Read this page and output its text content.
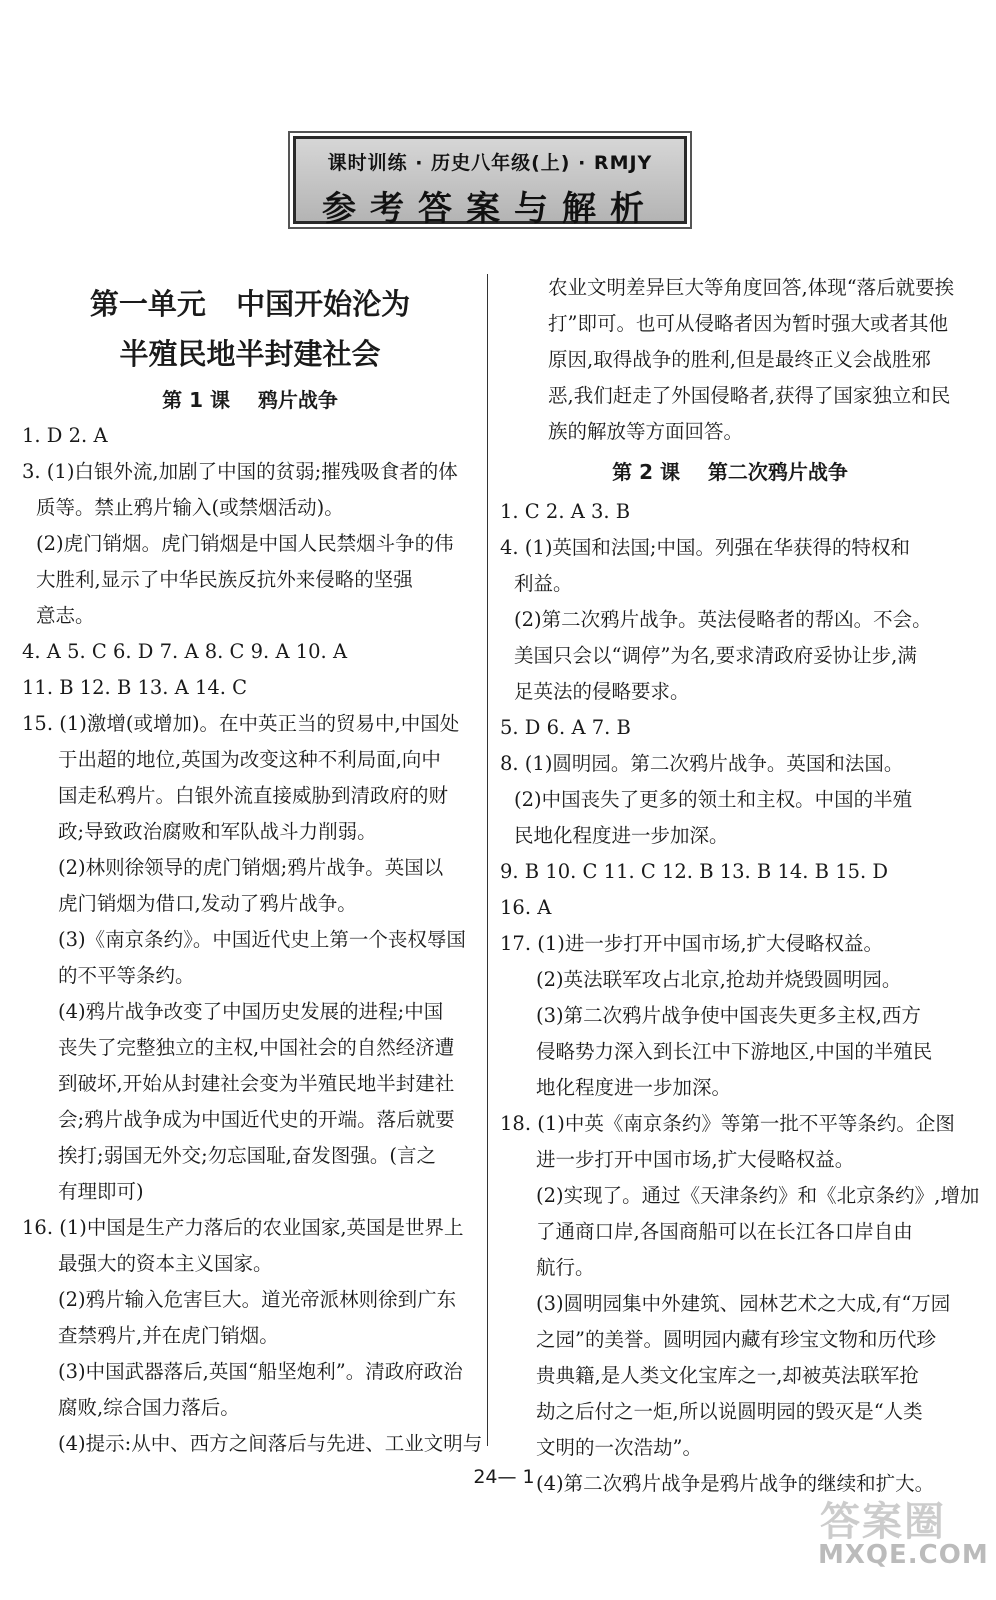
课时训练 · 历史八年级(上) · RMJY
参考答案与解析
第一单元   中国开始沦为
半殖民地半封建社会
第 1 课    鸦片战争
1. D 2. A
3. (1)白银外流,加剧了中国的贫弱;摧残吸食者的体
质等。禁止鸦片输入(或禁烟活动)。
(2)虎门销烟。虎门销烟是中国人民禁烟斗争的伟
大胜利,显示了中华民族反抗外来侵略的坚强
意志。
4. A 5. C 6. D 7. A 8. C 9. A 10. A
11. B 12. B 13. A 14. C
15. (1)激增(或增加)。在中英正当的贸易中,中国处
于出超的地位,英国为改变这种不利局面,向中
国走私鸦片。白银外流直接威胁到清政府的财
政;导致政治腐败和军队战斗力削弱。
(2)林则徐领导的虎门销烟;鸦片战争。英国以
虎门销烟为借口,发动了鸦片战争。
(3)《南京条约》。中国近代史上第一个丧权辱国
的不平等条约。
(4)鸦片战争改变了中国历史发展的进程;中国
丧失了完整独立的主权,中国社会的自然经济遭
到破坏,开始从封建社会变为半殖民地半封建社
会;鸦片战争成为中国近代史的开端。落后就要
挨打;弱国无外交;勿忘国耻,奋发图强。(言之
有理即可)
16. (1)中国是生产力落后的农业国家,英国是世界上
最强大的资本主义国家。
(2)鸦片输入危害巨大。道光帝派林则徐到广东
查禁鸦片,并在虎门销烟。
(3)中国武器落后,英国“船坚炮利”。清政府政治
腐败,综合国力落后。
(4)提示:从中、西方之间落后与先进、工业文明与
农业文明差异巨大等角度回答,体现“落后就要挨
打”即可。也可从侵略者因为暂时强大或者其他
原因,取得战争的胜利,但是最终正义会战胜邪
恶,我们赶走了外国侵略者,获得了国家独立和民
族的解放等方面回答。
第 2 课    第二次鸦片战争
1. C 2. A 3. B
4. (1)英国和法国;中国。列强在华获得的特权和
利益。
(2)第二次鸦片战争。英法侵略者的帮凶。不会。
美国只会以“调停”为名,要求清政府妥协让步,满
足英法的侵略要求。
5. D 6. A 7. B
8. (1)圆明园。第二次鸦片战争。英国和法国。
(2)中国丧失了更多的领土和主权。中国的半殖
民地化程度进一步加深。
9. B 10. C 11. C 12. B 13. B 14. B 15. D
16. A
17. (1)进一步打开中国市场,扩大侵略权益。
(2)英法联军攻占北京,抢劫并烧毁圆明园。
(3)第二次鸦片战争使中国丧失更多主权,西方
侵略势力深入到长江中下游地区,中国的半殖民
地化程度进一步加深。
18. (1)中英《南京条约》等第一批不平等条约。企图
进一步打开中国市场,扩大侵略权益。
(2)实现了。通过《天津条约》和《北京条约》,增加
了通商口岸,各国商船可以在长江各口岸自由
航行。
(3)圆明园集中外建筑、园林艺术之大成,有“万园
之园”的美誉。圆明园内藏有珍宝文物和历代珍
贵典籍,是人类文化宝库之一,却被英法联军抢
劫之后付之一炬,所以说圆明园的毁灭是“人类
文明的一次浩劫”。
(4)第二次鸦片战争是鸦片战争的继续和扩大。
24— 1
答案圈
MXQE.COM
